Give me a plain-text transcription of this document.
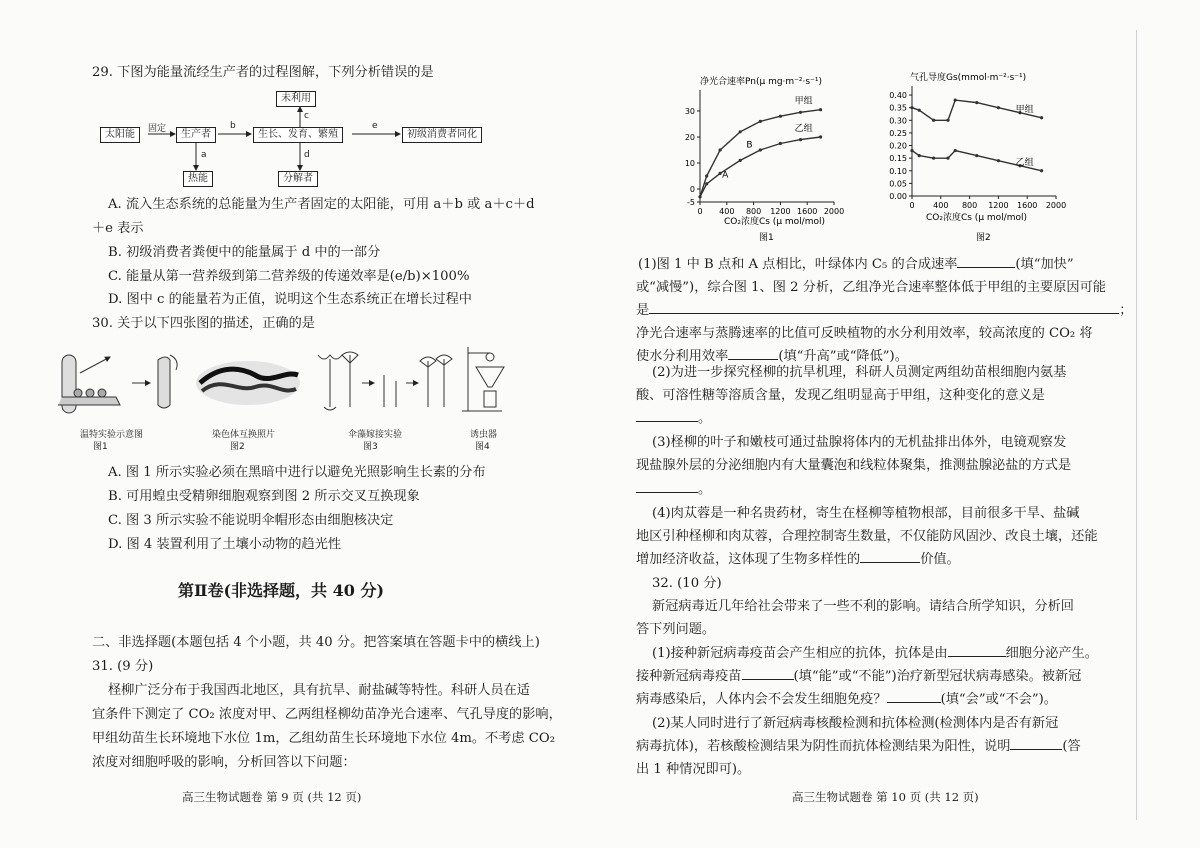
29. 下图为能量流经生产者的过程图解，下列分析错误的是
太阳能	固定	生产者
b
生长、发育、繁殖
e
初级消费者同化
未利用
c
a
热能
d
分解者
A. 流入生态系统的总能量为生产者固定的太阳能，可用 a＋b 或 a＋c＋d
＋e 表示
B. 初级消费者粪便中的能量属于 d 中的一部分
C. 能量从第一营养级到第二营养级的传递效率是(e/b)×100%
D. 图中 c 的能量若为正值，说明这个生态系统正在增长过程中
30. 关于以下四张图的描述，正确的是
温特实验示意图
图1
染色体互换照片
图2
伞藻嫁接实验
图3
诱虫器
图4
A. 图 1 所示实验必须在黑暗中进行以避免光照影响生长素的分布
B. 可用蝗虫受精卵细胞观察到图 2 所示交叉互换现象
C. 图 3 所示实验不能说明伞帽形态由细胞核决定
D. 图 4 装置利用了土壤小动物的趋光性
第Ⅱ卷(非选择题，共 40 分)
二、非选择题(本题包括 4 个小题，共 40 分。把答案填在答题卡中的横线上)
31. (9 分)
柽柳广泛分布于我国西北地区，具有抗旱、耐盐碱等特性。科研人员在适
宜条件下测定了 CO₂ 浓度对甲、乙两组柽柳幼苗净光合速率、气孔导度的影响，
甲组幼苗生长环境地下水位 1m，乙组幼苗生长环境地下水位 4m。不考虑 CO₂
浓度对细胞呼吸的影响，分析回答以下问题：
高三生物试题卷 第 9 页 (共 12 页)
净光合速率Pn(μ mg·m⁻²·s⁻¹)
-5
0
10
20
30
0 400 800 1200 1600 2000
甲组
乙组
A
B
CO₂浓度Cs (μ mol/mol)
图1
气孔导度Gs(mmol·m⁻²·s⁻¹)
0.00
0.05
0.10
0.15
0.20
0.25
0.30
0.35
0.40
0 400 800 1200 1600 2000
甲组
乙组
CO₂浓度Cs (μ mol/mol)
图2
(1)图 1 中 B 点和 A 点相比，叶绿体内 C₅ 的合成速率	(填“加快”
或“减慢”)，综合图 1、图 2 分析，乙组净光合速率整体低于甲组的主要原因可能
是	；
净光合速率与蒸腾速率的比值可反映植物的水分利用效率，较高浓度的 CO₂ 将
使水分利用效率	(填“升高”或“降低”)。
(2)为进一步探究柽柳的抗旱机理，科研人员测定两组幼苗根细胞内氨基
酸、可溶性糖等溶质含量，发现乙组明显高于甲组，这种变化的意义是
。
(3)柽柳的叶子和嫩枝可通过盐腺将体内的无机盐排出体外，电镜观察发
现盐腺外层的分泌细胞内有大量囊泡和线粒体聚集，推测盐腺泌盐的方式是
。
(4)肉苁蓉是一种名贵药材，寄生在柽柳等植物根部，目前很多干旱、盐碱
地区引种柽柳和肉苁蓉，合理控制寄生数量，不仅能防风固沙、改良土壤，还能
增加经济收益，这体现了生物多样性的	价值。
32. (10 分)
新冠病毒近几年给社会带来了一些不利的影响。请结合所学知识，分析回
答下列问题。
(1)接种新冠病毒疫苗会产生相应的抗体，抗体是由	细胞分泌产生。
接种新冠病毒疫苗	(填“能”或“不能”)治疗新型冠状病毒感染。被新冠
病毒感染后，人体内会不会发生细胞免疫？	(填“会”或“不会”)。
(2)某人同时进行了新冠病毒核酸检测和抗体检测(检测体内是否有新冠
病毒抗体)，若核酸检测结果为阴性而抗体检测结果为阳性，说明	(答
出 1 种情况即可)。
高三生物试题卷 第 10 页 (共 12 页)
